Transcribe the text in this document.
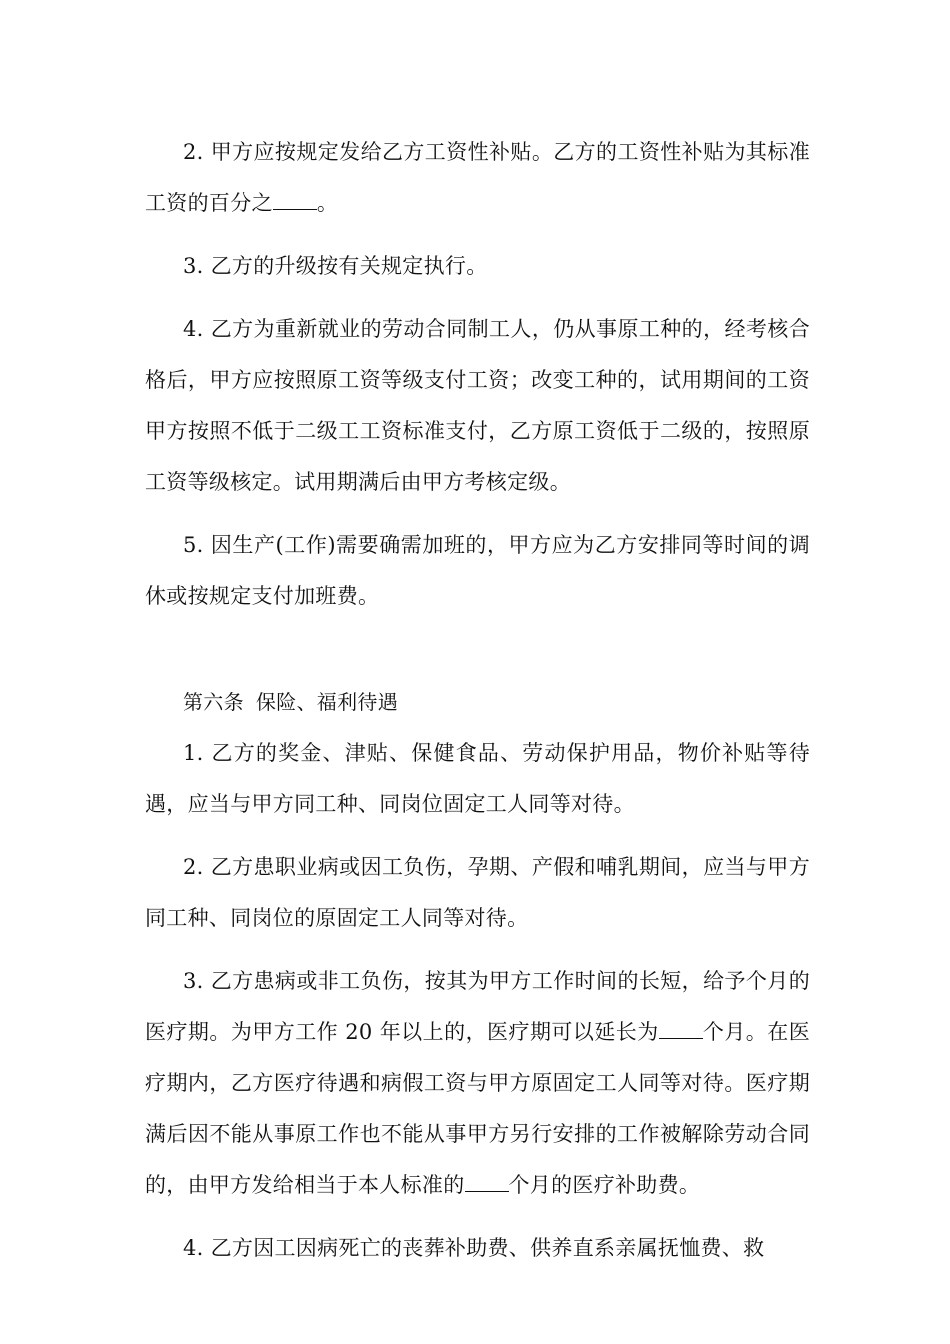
2. 甲方应按规定发给乙方工资性补贴。乙方的工资性补贴为其标准工资的百分之 。

3. 乙方的升级按有关规定执行。

4. 乙方为重新就业的劳动合同制工人，仍从事原工种的，经考核合格后，甲方应按照原工资等级支付工资；改变工种的，试用期间的工资甲方按照不低于二级工工资标准支付，乙方原工资低于二级的，按照原工资等级核定。试用期满后由甲方考核定级。

5. 因生产(工作)需要确需加班的，甲方应为乙方安排同等时间的调休或按规定支付加班费。

第六条 保险、福利待遇

1. 乙方的奖金、津贴、保健食品、劳动保护用品，物价补贴等待遇，应当与甲方同工种、同岗位固定工人同等对待。

2. 乙方患职业病或因工负伤，孕期、产假和哺乳期间，应当与甲方同工种、同岗位的原固定工人同等对待。

3. 乙方患病或非工负伤，按其为甲方工作时间的长短，给予个月的医疗期。为甲方工作 20 年以上的，医疗期可以延长为 个月。在医疗期内，乙方医疗待遇和病假工资与甲方原固定工人同等对待。医疗期满后因不能从事原工作也不能从事甲方另行安排的工作被解除劳动合同的，由甲方发给相当于本人标准的 个月的医疗补助费。

4. 乙方因工因病死亡的丧葬补助费、供养直系亲属抚恤费、救
